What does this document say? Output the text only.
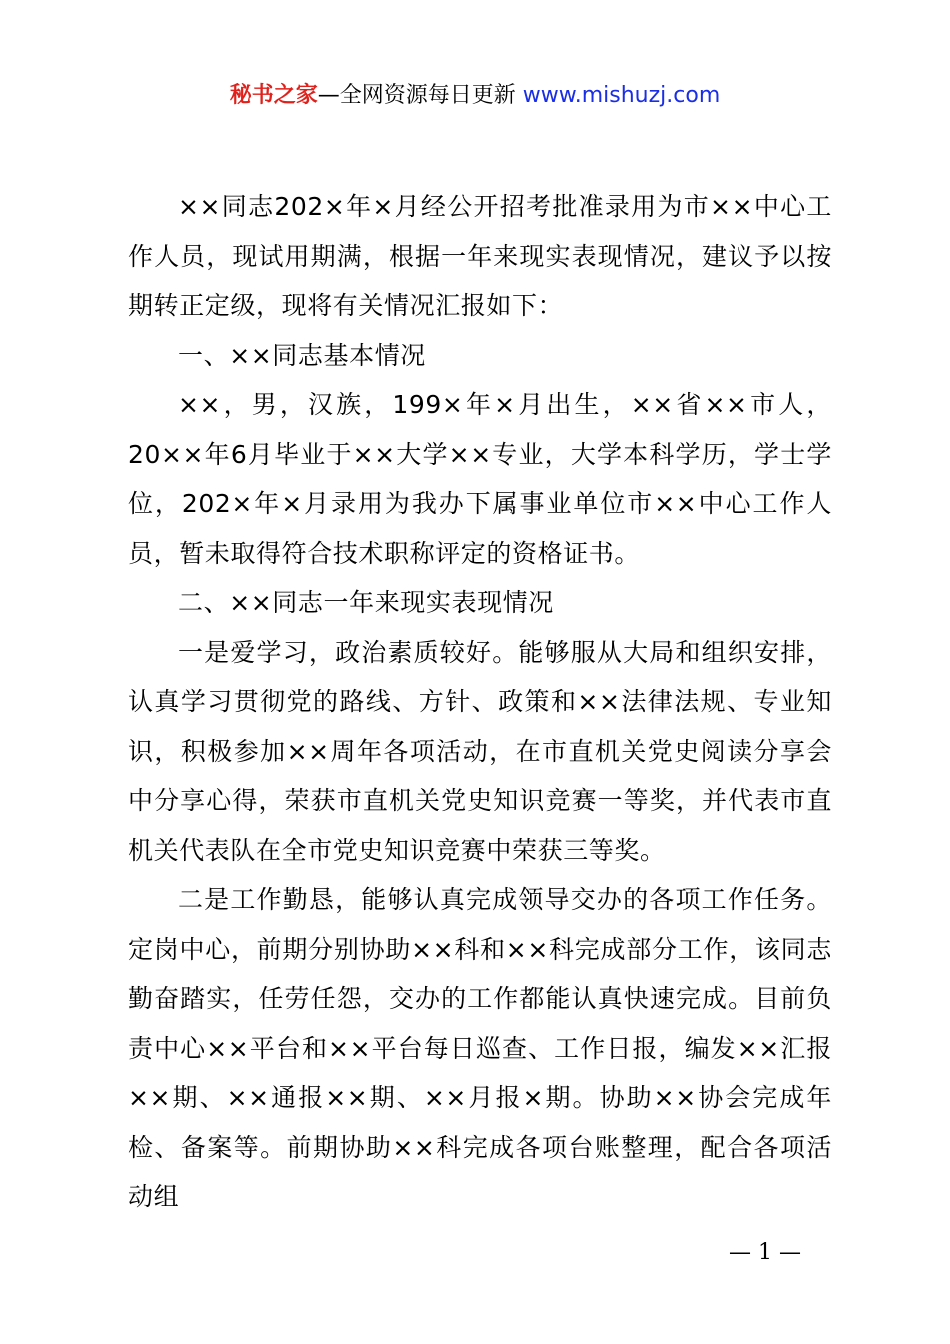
秘书之家—全网资源每日更新 www.mishuzj.com

××同志202×年×月经公开招考批准录用为市××中心工作人员，现试用期满，根据一年来现实表现情况，建议予以按期转正定级，现将有关情况汇报如下：

一、××同志基本情况

××，男，汉族，199×年×月出生，××省××市人，20××年6月毕业于××大学××专业，大学本科学历，学士学位，202×年×月录用为我办下属事业单位市××中心工作人员，暂未取得符合技术职称评定的资格证书。

二、××同志一年来现实表现情况

一是爱学习，政治素质较好。能够服从大局和组织安排，认真学习贯彻党的路线、方针、政策和××法律法规、专业知识，积极参加××周年各项活动，在市直机关党史阅读分享会中分享心得，荣获市直机关党史知识竞赛一等奖，并代表市直机关代表队在全市党史知识竞赛中荣获三等奖。

二是工作勤恳，能够认真完成领导交办的各项工作任务。定岗中心，前期分别协助××科和××科完成部分工作，该同志勤奋踏实，任劳任怨，交办的工作都能认真快速完成。目前负责中心××平台和××平台每日巡查、工作日报，编发××汇报××期、××通报××期、××月报×期。协助××协会完成年检、备案等。前期协助××科完成各项台账整理，配合各项活动组

— 1 —
